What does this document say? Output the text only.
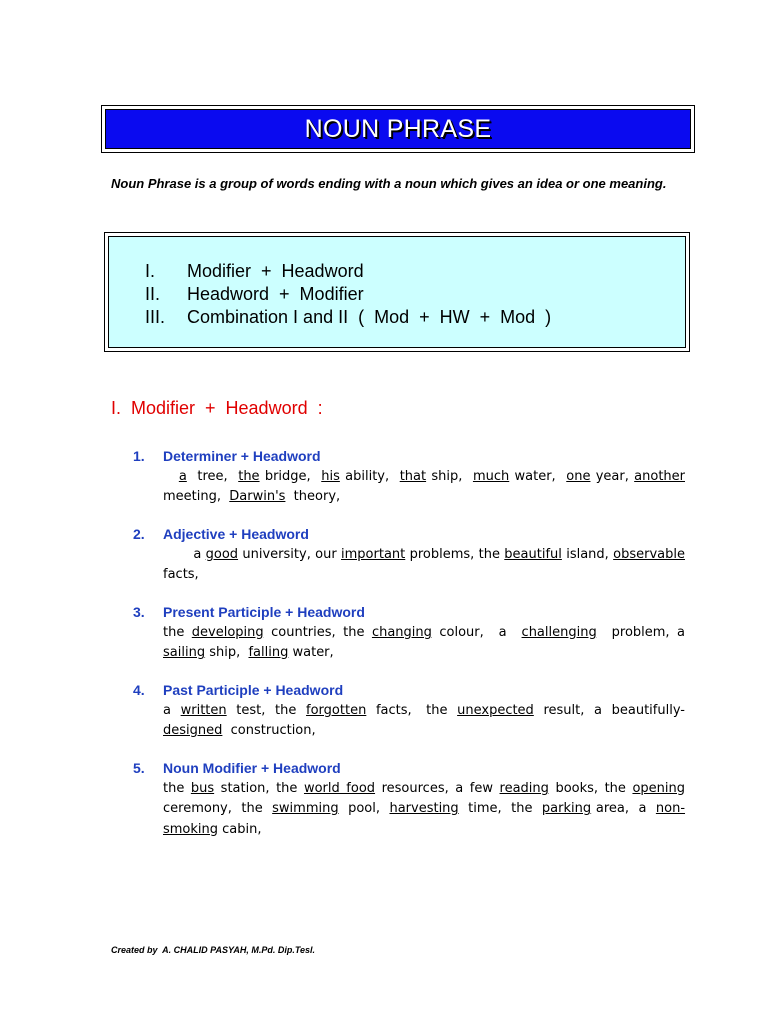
NOUN PHRASE
Noun Phrase is a group of words ending with a noun which gives an idea or one meaning.
I. Modifier  +  Headword
II. Headword  +  Modifier
III. Combination I and II  (  Mod  +  HW  +  Mod  )
I.  Modifier  +  Headword  :
1. Determiner + Headword
a  tree,  the bridge,  his ability,  that ship,  much water,  one year, another meeting,  Darwin's  theory,
2. Adjective + Headword
a good university, our important problems, the beautiful island, observable  facts,
3. Present Participle + Headword
the developing countries, the changing colour,  a  challenging  problem, a sailing ship,  falling water,
4. Past Participle + Headword
a  written  test,  the  forgotten  facts,   the  unexpected  result,  a  beautifully-designed  construction,
5. Noun Modifier + Headword
the bus station, the world food resources, a few reading books, the opening ceremony,  the  swimming  pool,  harvesting  time,  the  parking area,  a  non-smoking cabin,
Created by  A. CHALID PASYAH, M.Pd. Dip.Tesl.
